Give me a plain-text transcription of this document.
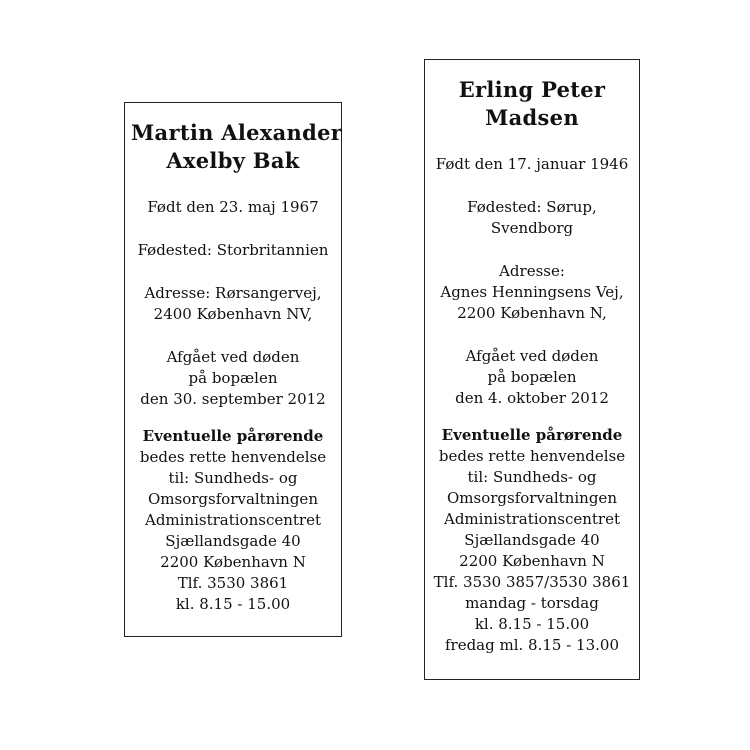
Martin Alexander
Axelby Bak
Født den 23. maj 1967
Fødested: Storbritannien
Adresse: Rørsangervej,
2400 København NV,
Afgået ved døden
på bopælen
den 30. september 2012
Eventuelle pårørende
bedes rette henvendelse
til: Sundheds- og
Omsorgsforvaltningen
Administrationscentret
Sjællandsgade 40
2200 København N
Tlf. 3530 3861
kl. 8.15 - 15.00
Erling Peter
Madsen
Født den 17. januar 1946
Fødested: Sørup,
Svendborg
Adresse:
Agnes Henningsens Vej,
2200 København N,
Afgået ved døden
på bopælen
den 4. oktober 2012
Eventuelle pårørende
bedes rette henvendelse
til: Sundheds- og
Omsorgsforvaltningen
Administrationscentret
Sjællandsgade 40
2200 København N
Tlf. 3530 3857/3530 3861
mandag - torsdag
kl. 8.15 - 15.00
fredag ml. 8.15 - 13.00
